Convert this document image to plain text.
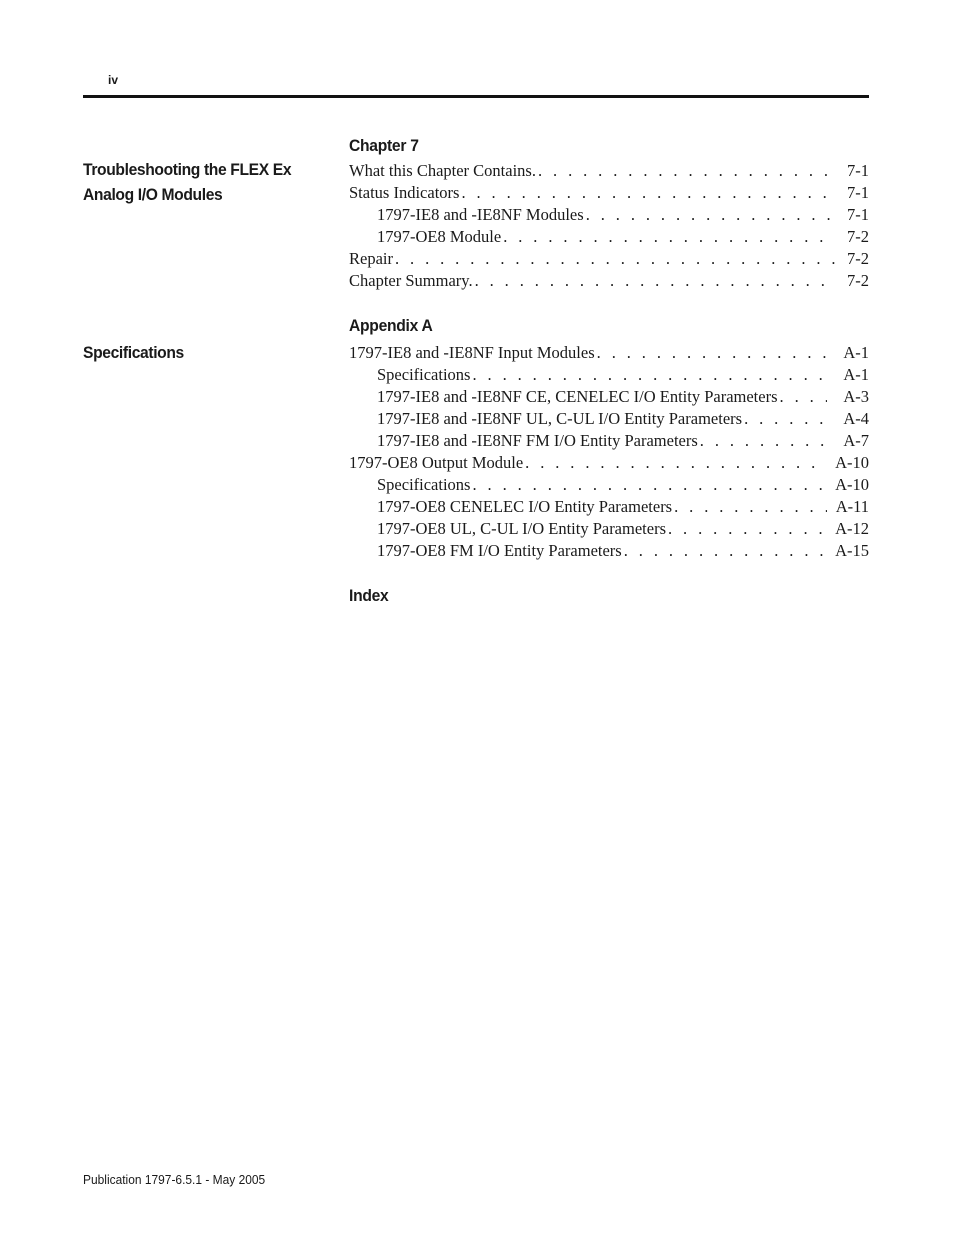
iv
Troubleshooting the FLEX Ex
Analog I/O Modules
Chapter 7
What this Chapter Contains. . . .	7-1
Status Indicators . . .	7-1
1797-IE8 and -IE8NF Modules . . .	7-1
1797-OE8 Module . . .	7-2
Repair . . .	7-2
Chapter Summary. . . .	7-2
Specifications
Appendix A
1797-IE8 and -IE8NF Input Modules . . .	A-1
Specifications . . .	A-1
1797-IE8 and -IE8NF CE, CENELEC I/O Entity Parameters . . .	A-3
1797-IE8 and -IE8NF UL, C-UL I/O Entity Parameters . . .	A-4
1797-IE8 and -IE8NF FM I/O Entity Parameters . . .	A-7
1797-OE8 Output Module . . .	A-10
Specifications . . .	A-10
1797-OE8 CENELEC I/O Entity Parameters . . .	A-11
1797-OE8 UL, C-UL I/O Entity Parameters . . .	A-12
1797-OE8 FM I/O Entity Parameters . . .	A-15
Index
Publication 1797-6.5.1 - May 2005
